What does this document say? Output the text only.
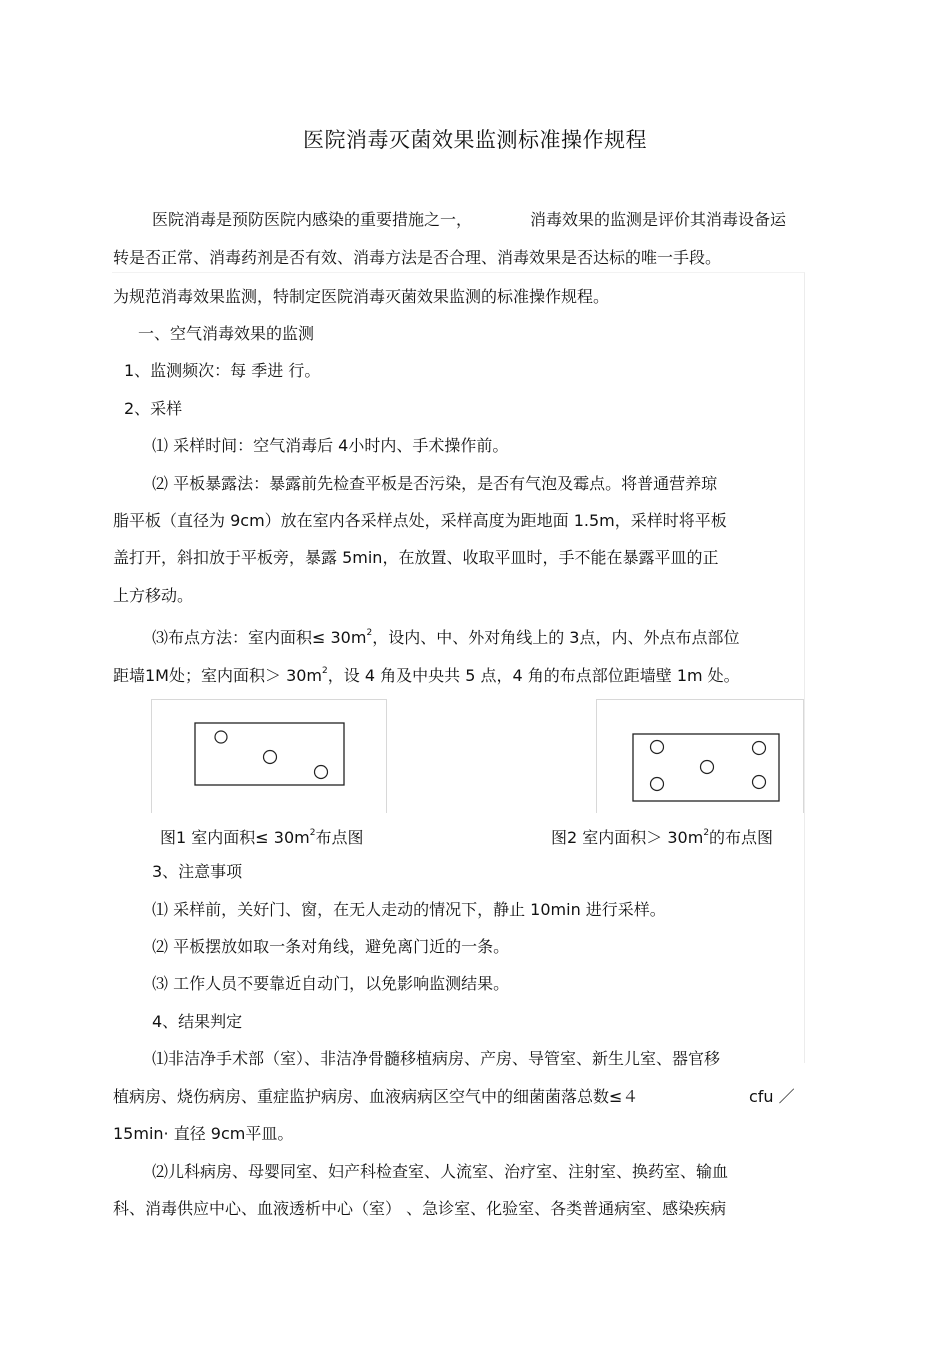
医院消毒灭菌效果监测标准操作规程
医院消毒是预防医院内感染的重要措施之一，	消毒效果的监测是评价其消毒设备运
转是否正常、消毒药剂是否有效、消毒方法是否合理、消毒效果是否达标的唯一手段。
为规范消毒效果监测，特制定医院消毒灭菌效果监测的标准操作规程。
一、空气消毒效果的监测
1、监测频次：每 季进 行。
2、采样
⑴ 采样时间：空气消毒后 4小时内、手术操作前。
⑵ 平板暴露法：暴露前先检查平板是否污染，是否有气泡及霉点。将普通营养琼
脂平板（直径为 9cm）放在室内各采样点处，采样高度为距地面 1.5m，采样时将平板
盖打开，斜扣放于平板旁，暴露 5min，在放置、收取平皿时，手不能在暴露平皿的正
上方移动。
⑶布点方法：室内面积≤ $30m^2$，设内、中、外对角线上的 3点，内、外点布点部位
距墙1M处；室内面积＞ $30m^2$，设 4 角及中央共 5 点，4 角的布点部位距墙壁 1m 处。
图1 室内面积≤ $30m^2$布点图	图2 室内面积＞ $30m^2$的布点图
3、注意事项
⑴ 采样前，关好门、窗，在无人走动的情况下，静止 10min 进行采样。
⑵ 平板摆放如取一条对角线，避免离门近的一条。
⑶ 工作人员不要靠近自动门，以免影响监测结果。
4、结果判定
⑴非洁净手术部（室）、非洁净骨髓移植病房、产房、导管室、新生儿室、器官移
植病房、烧伤病房、重症监护病房、血液病病区空气中的细菌菌落总数≤４	cfu ／
15min· 直径 9cm平皿。
⑵儿科病房、母婴同室、妇产科检查室、人流室、治疗室、注射室、换药室、输血
科、消毒供应中心、血液透析中心（室） 、急诊室、化验室、各类普通病室、感染疾病
